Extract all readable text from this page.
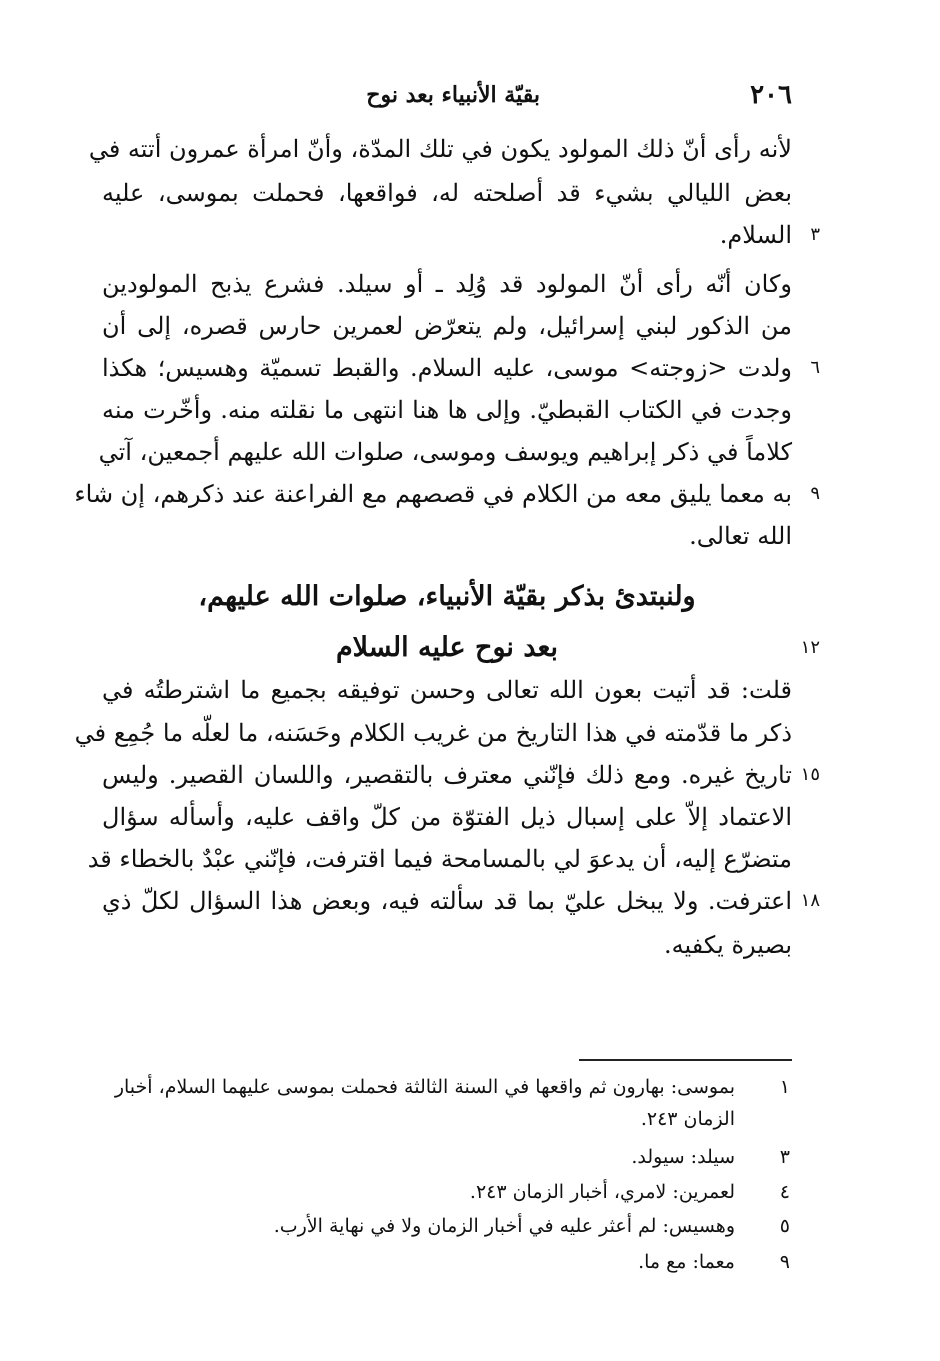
٢٠٦
بقيّة الأنبياء بعد نوح
لأنه رأى أنّ ذلك المولود يكون في تلك المدّة، وأنّ امرأة عمرون أتته في
بعض الليالي بشيء قد أصلحته له، فواقعها، فحملت بموسى، عليه
السلام.
وكان أنّه رأى أنّ المولود قد وُلِد ـ أو سيلد. فشرع يذبح المولودين
من الذكور لبني إسرائيل، ولم يتعرّض لعمرين حارس قصره، إلى أن
ولدت <زوجته> موسى، عليه السلام. والقبط تسميّة وهسيس؛ هكذا
وجدت في الكتاب القبطيّ. وإلى ها هنا انتهى ما نقلته منه. وأخّرت منه
كلاماً في ذكر إبراهيم ويوسف وموسى، صلوات الله عليهم أجمعين، آتي
به معما يليق معه من الكلام في قصصهم مع الفراعنة عند ذكرهم، إن شاء
الله تعالى.
ولنبتدئ بذكر بقيّة الأنبياء، صلوات الله عليهم،
بعد نوح عليه السلام
قلت: قد أتيت بعون الله تعالى وحسن توفيقه بجميع ما اشترطتُه في
ذكر ما قدّمته في هذا التاريخ من غريب الكلام وحَسَنه، ما لعلّه ما جُمِع في
تاريخ غيره. ومع ذلك فإنّني معترف بالتقصير، واللسان القصير. وليس
الاعتماد إلاّ على إسبال ذيل الفتوّة من كلّ واقف عليه، وأسأله سؤال
متضرّع إليه، أن يدعوَ لي بالمسامحة فيما اقترفت، فإنّني عبْدٌ بالخطاء قد
اعترفت. ولا يبخل عليّ بما قد سألته فيه، وبعض هذا السؤال لكلّ ذي
بصيرة يكفيه.
٣
٦
٩
١٢
١٥
١٨
١
بموسى: بهارون ثم واقعها في السنة الثالثة فحملت بموسى عليهما السلام، أخبار
الزمان ٢٤٣.
٣
سيلد: سيولد.
٤
لعمرين: لامري، أخبار الزمان ٢٤٣.
٥
وهسيس: لم أعثر عليه في أخبار الزمان ولا في نهاية الأرب.
٩
معما: مع ما.
